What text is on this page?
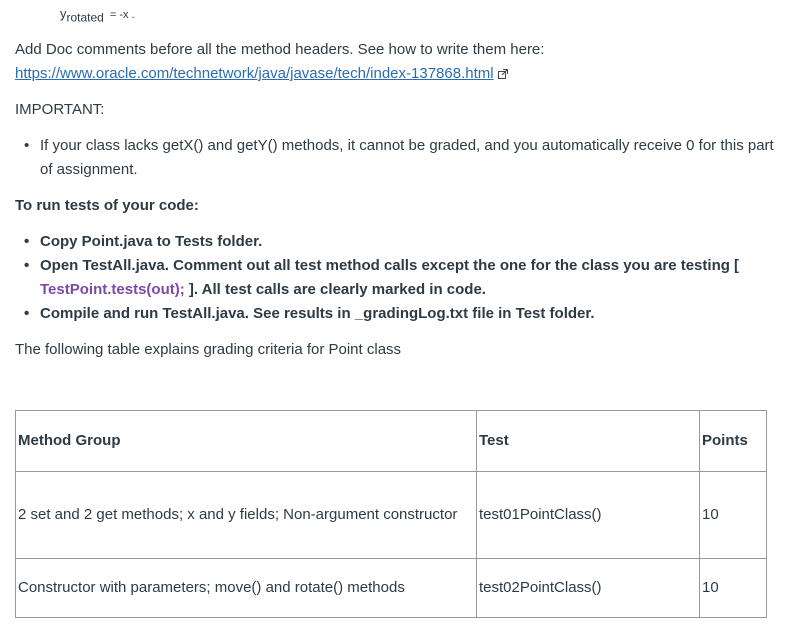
$y_{rotated} = -x$ .

Add Doc comments before all the method headers. See how to write them here:
https://www.oracle.com/technetwork/java/javase/tech/index-137868.html

IMPORTANT:

• If your class lacks getX() and getY() methods, it cannot be graded, and you automatically receive 0 for this part of assignment.

To run tests of your code:

• Copy Point.java to Tests folder.
• Open TestAll.java. Comment out all test method calls except the one for the class you are testing [
TestPoint.tests(out); ]. All test calls are clearly marked in code.
• Compile and run TestAll.java. See results in _gradingLog.txt file in Test folder.

The following table explains grading criteria for Point class

Method Group	Test	Points
2 set and 2 get methods; x and y fields; Non-argument constructor	test01PointClass()	10
Constructor with parameters; move() and rotate() methods	test02PointClass()	10
